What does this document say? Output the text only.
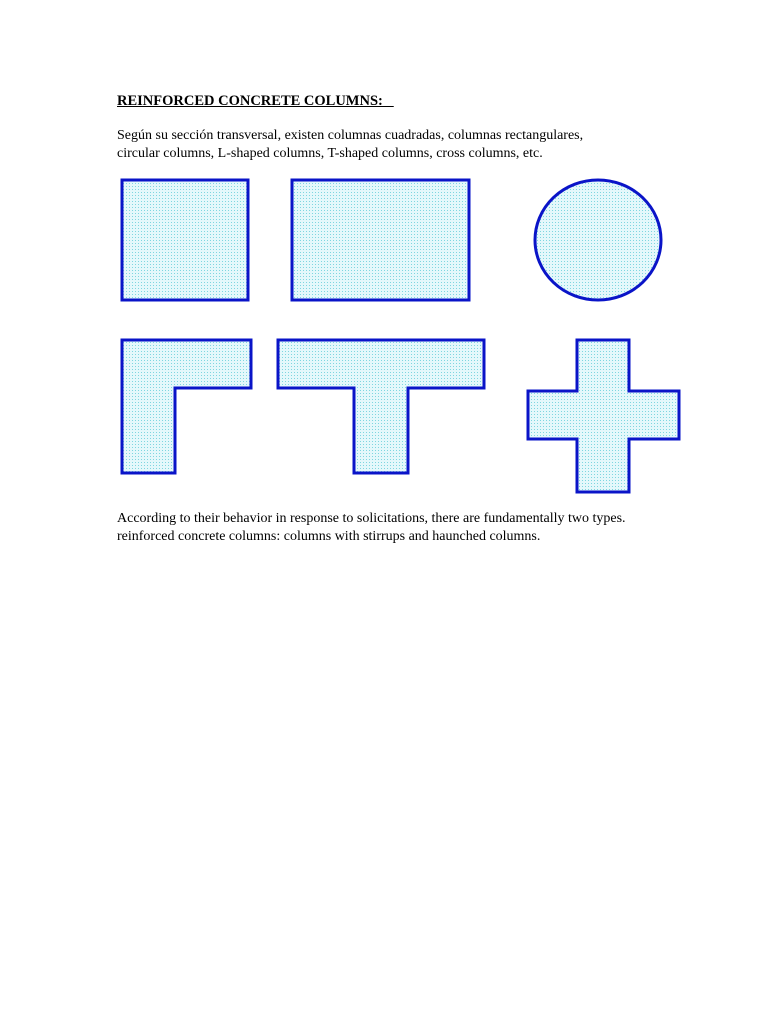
REINFORCED CONCRETE COLUMNS:

Según su sección transversal, existen columnas cuadradas, columnas rectangulares,
circular columns, L-shaped columns, T-shaped columns, cross columns, etc.

According to their behavior in response to solicitations, there are fundamentally two types.
reinforced concrete columns: columns with stirrups and haunched columns.
